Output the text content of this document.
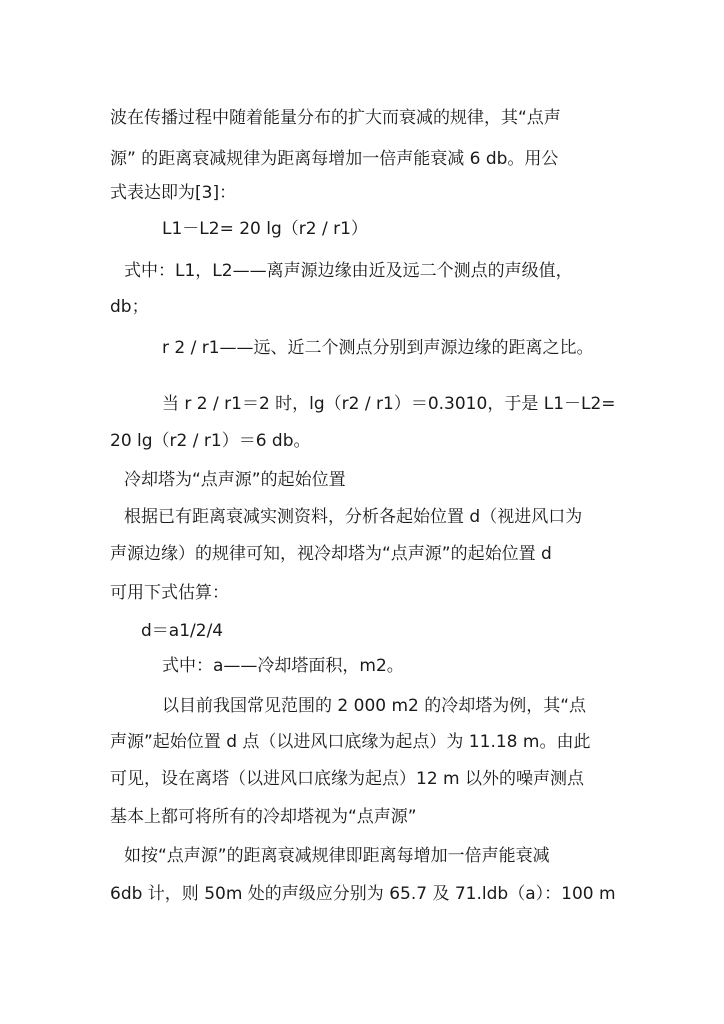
波在传播过程中随着能量分布的扩大而衰减的规律，其“点声
源” 的距离衰减规律为距离每增加一倍声能衰减 6 db。用公
式表达即为[3]：
L1－L2= 20 lg（r2 / r1）
式中：L1，L2——离声源边缘由近及远二个测点的声级值，
db；
r 2 / r1——远、近二个测点分别到声源边缘的距离之比。
当 r 2 / r1＝2 时，lg（r2 / r1）＝0.3010，于是 L1－L2=
20 lg（r2 / r1）＝6 db。
冷却塔为“点声源”的起始位置
根据已有距离衰减实测资料，分析各起始位置 d（视进风口为
声源边缘）的规律可知，视冷却塔为“点声源”的起始位置 d
可用下式估算：
d＝a1/2/4
式中：a——冷却塔面积，m2。
以目前我国常见范围的 2 000 m2 的冷却塔为例，其“点
声源”起始位置 d 点（以进风口底缘为起点）为 11.18 m。由此
可见，设在离塔（以进风口底缘为起点）12 m 以外的噪声测点
基本上都可将所有的冷却塔视为“点声源”
如按“点声源”的距离衰减规律即距离每增加一倍声能衰减
6db 计，则 50m 处的声级应分别为 65.7 及 71.ldb（a）：100 m
